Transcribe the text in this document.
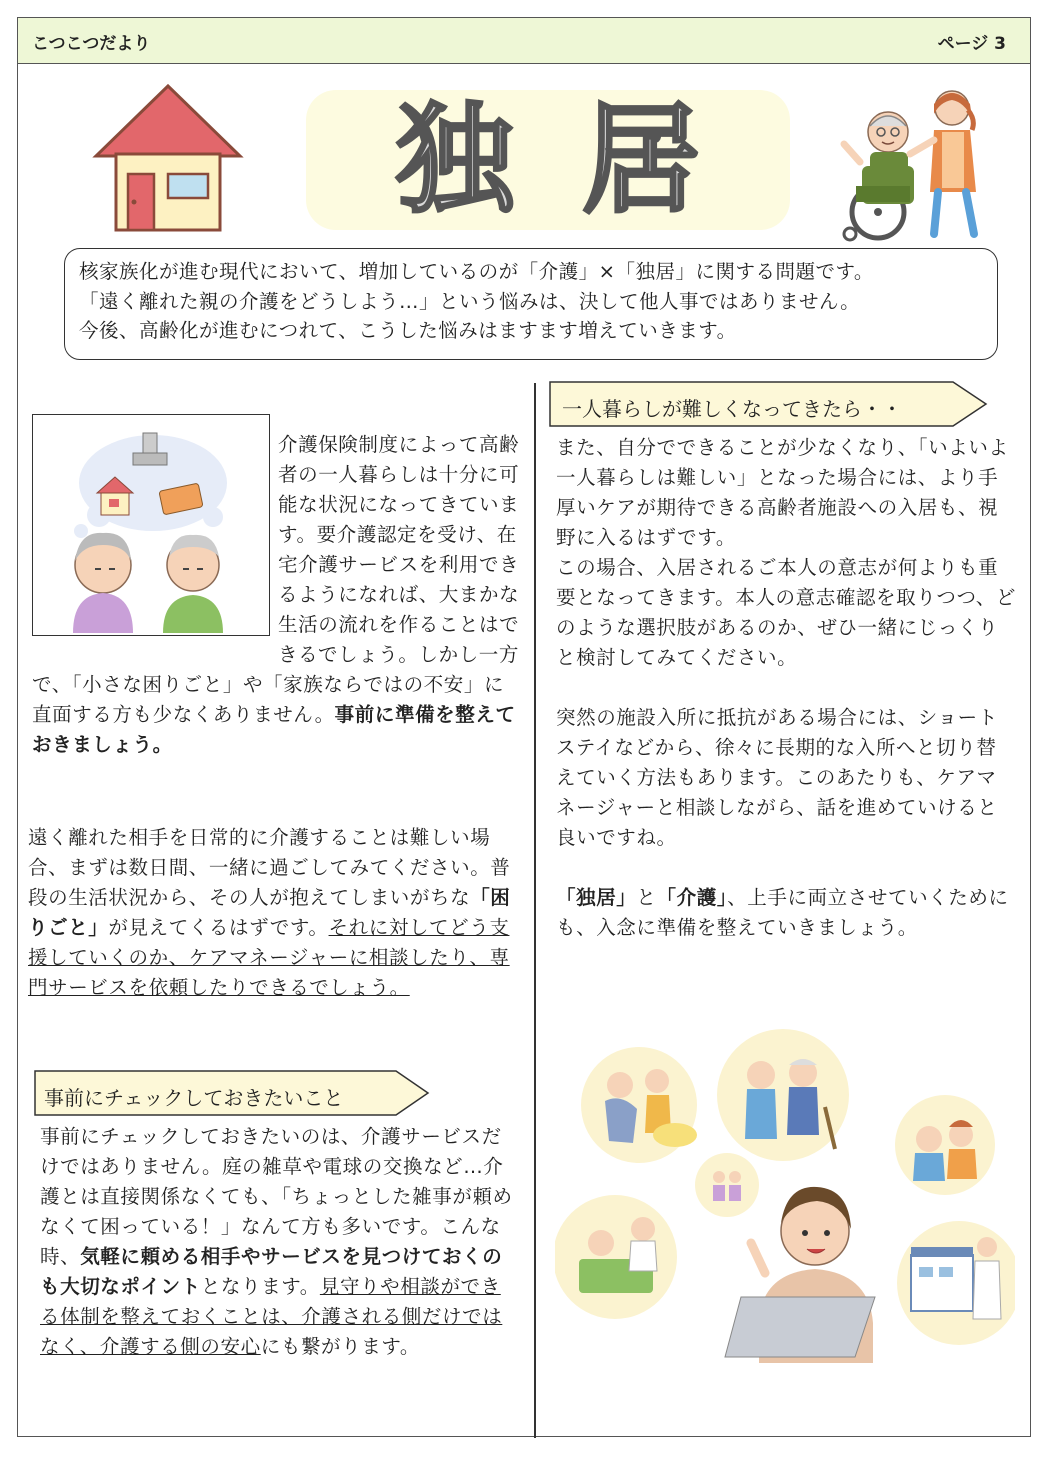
こつこつだより	ページ 3
独 居

核家族化が進む現代において、増加しているのが「介護」×「独居」に関する問題です。

「遠く離れた親の介護をどうしよう…」という悩みは、決して他人事ではありません。

今後、高齢化が進むにつれて、こうした悩みはますます増えていきます。

介護保険制度によって高齢者の一人暮らしは十分に可能な状況になってきています。要介護認定を受け、在宅介護サービスを利用できるようになれば、大まかな生活の流れを作ることはできるでしょう。しかし一方で、「小さな困りごと」や「家族ならではの不安」に直面する方も少なくありません。事前に準備を整えておきましょう。

遠く離れた相手を日常的に介護することは難しい場合、まずは数日間、一緒に過ごしてみてください。普段の生活状況から、その人が抱えてしまいがちな「困りごと」が見えてくるはずです。それに対してどう支援していくのか、ケアマネージャーに相談したり、専門サービスを依頼したりできるでしょう。

事前にチェックしておきたいこと

事前にチェックしておきたいのは、介護サービスだけではありません。庭の雑草や電球の交換など…介護とは直接関係なくても、「ちょっとした雑事が頼めなくて困っている！」なんて方も多いです。こんな時、気軽に頼める相手やサービスを見つけておくのも大切なポイントとなります。見守りや相談ができる体制を整えておくことは、介護される側だけではなく、介護する側の安心にも繋がります。

一人暮らしが難しくなってきたら・・

また、自分でできることが少なくなり、「いよいよ一人暮らしは難しい」となった場合には、より手厚いケアが期待できる高齢者施設への入居も、視野に入るはずです。

この場合、入居されるご本人の意志が何よりも重要となってきます。本人の意志確認を取りつつ、どのような選択肢があるのか、ぜひ一緒にじっくりと検討してみてください。

突然の施設入所に抵抗がある場合には、ショートステイなどから、徐々に長期的な入所へと切り替えていく方法もあります。このあたりも、ケアマネージャーと相談しながら、話を進めていけると良いですね。

「独居」と「介護」、上手に両立させていくためにも、入念に準備を整えていきましょう。
